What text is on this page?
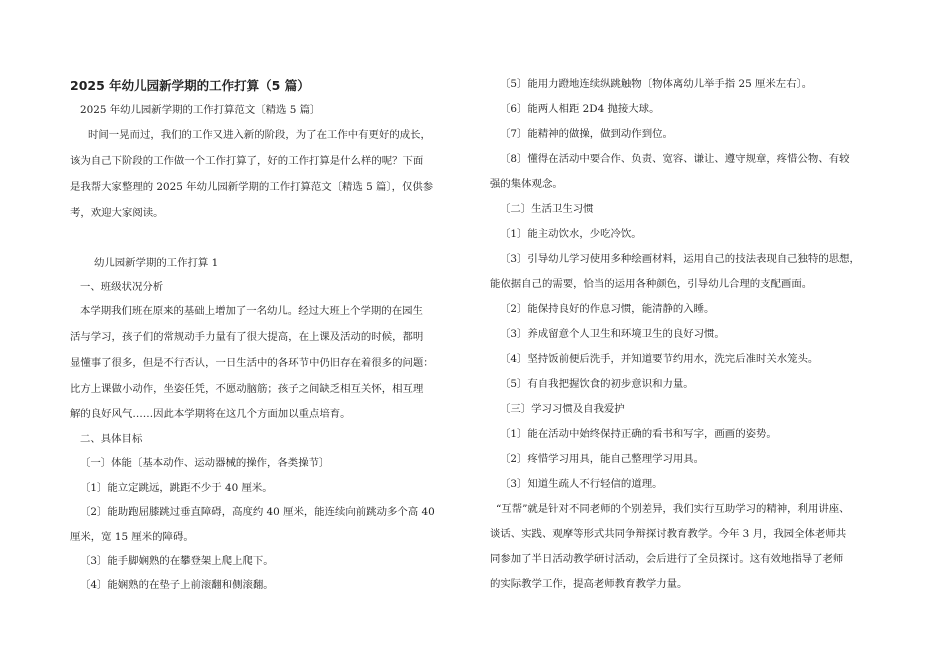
2025 年幼儿园新学期的工作打算（5 篇）
2025 年幼儿园新学期的工作打算范文〔精选 5 篇〕
时间一晃而过，我们的工作又进入新的阶段，为了在工作中有更好的成长，
该为自己下阶段的工作做一个工作打算了，好的工作打算是什么样的呢？下面
是我帮大家整理的 2025 年幼儿园新学期的工作打算范文〔精选 5 篇〕，仅供参
考，欢迎大家阅读。
幼儿园新学期的工作打算 1
一、班级状况分析
本学期我们班在原来的基础上增加了一名幼儿。经过大班上个学期的在园生
活与学习，孩子们的常规动手力量有了很大提高，在上课及活动的时候，都明
显懂事了很多，但是不行否认，一日生活中的各环节中仍旧存在着很多的问题：
比方上课做小动作，坐姿任凭，不愿动脑筋；孩子之间缺乏相互关怀，相互理
解的良好风气……因此本学期将在这几个方面加以重点培育。
二、具体目标
〔一〕体能〔基本动作、运动器械的操作，各类操节〕
〔1〕能立定跳远，跳距不少于 40 厘米。
〔2〕能助跑屈膝跳过垂直障碍，高度约 40 厘米，能连续向前跳动多个高 40
厘米，宽 15 厘米的障碍。
〔3〕能手脚娴熟的在攀登架上爬上爬下。
〔4〕能娴熟的在垫子上前滚翻和侧滚翻。
〔5〕能用力蹬地连续纵跳触物〔物体离幼儿举手指 25 厘米左右〕。
〔6〕能两人相距 2D4 抛接大球。
〔7〕能精神的做操，做到动作到位。
〔8〕懂得在活动中要合作、负责、宽容、谦让、遵守规章，疼惜公物、有较
强的集体观念。
〔二〕生活卫生习惯
〔1〕能主动饮水，少吃冷饮。
〔3〕引导幼儿学习使用多种绘画材料，运用自己的技法表现自己独特的思想，
能依据自己的需要，恰当的运用各种颜色，引导幼儿合理的支配画面。
〔2〕能保持良好的作息习惯，能清静的入睡。
〔3〕养成留意个人卫生和环境卫生的良好习惯。
〔4〕坚持饭前便后洗手，并知道要节约用水，洗完后准时关水笼头。
〔5〕有自我把握饮食的初步意识和力量。
〔三〕学习习惯及自我爱护
〔1〕能在活动中始终保持正确的看书和写字，画画的姿势。
〔2〕疼惜学习用具，能自己整理学习用具。
〔3〕知道生疏人不行轻信的道理。
“互帮”就是针对不同老师的个别差异，我们实行互助学习的精神，利用讲座、
谈话、实践、观摩等形式共同争辩探讨教育教学。今年 3 月，我园全体老师共
同参加了半日活动教学研讨活动，会后进行了全员探讨。这有效地指导了老师
的实际教学工作，提高老师教育教学力量。
